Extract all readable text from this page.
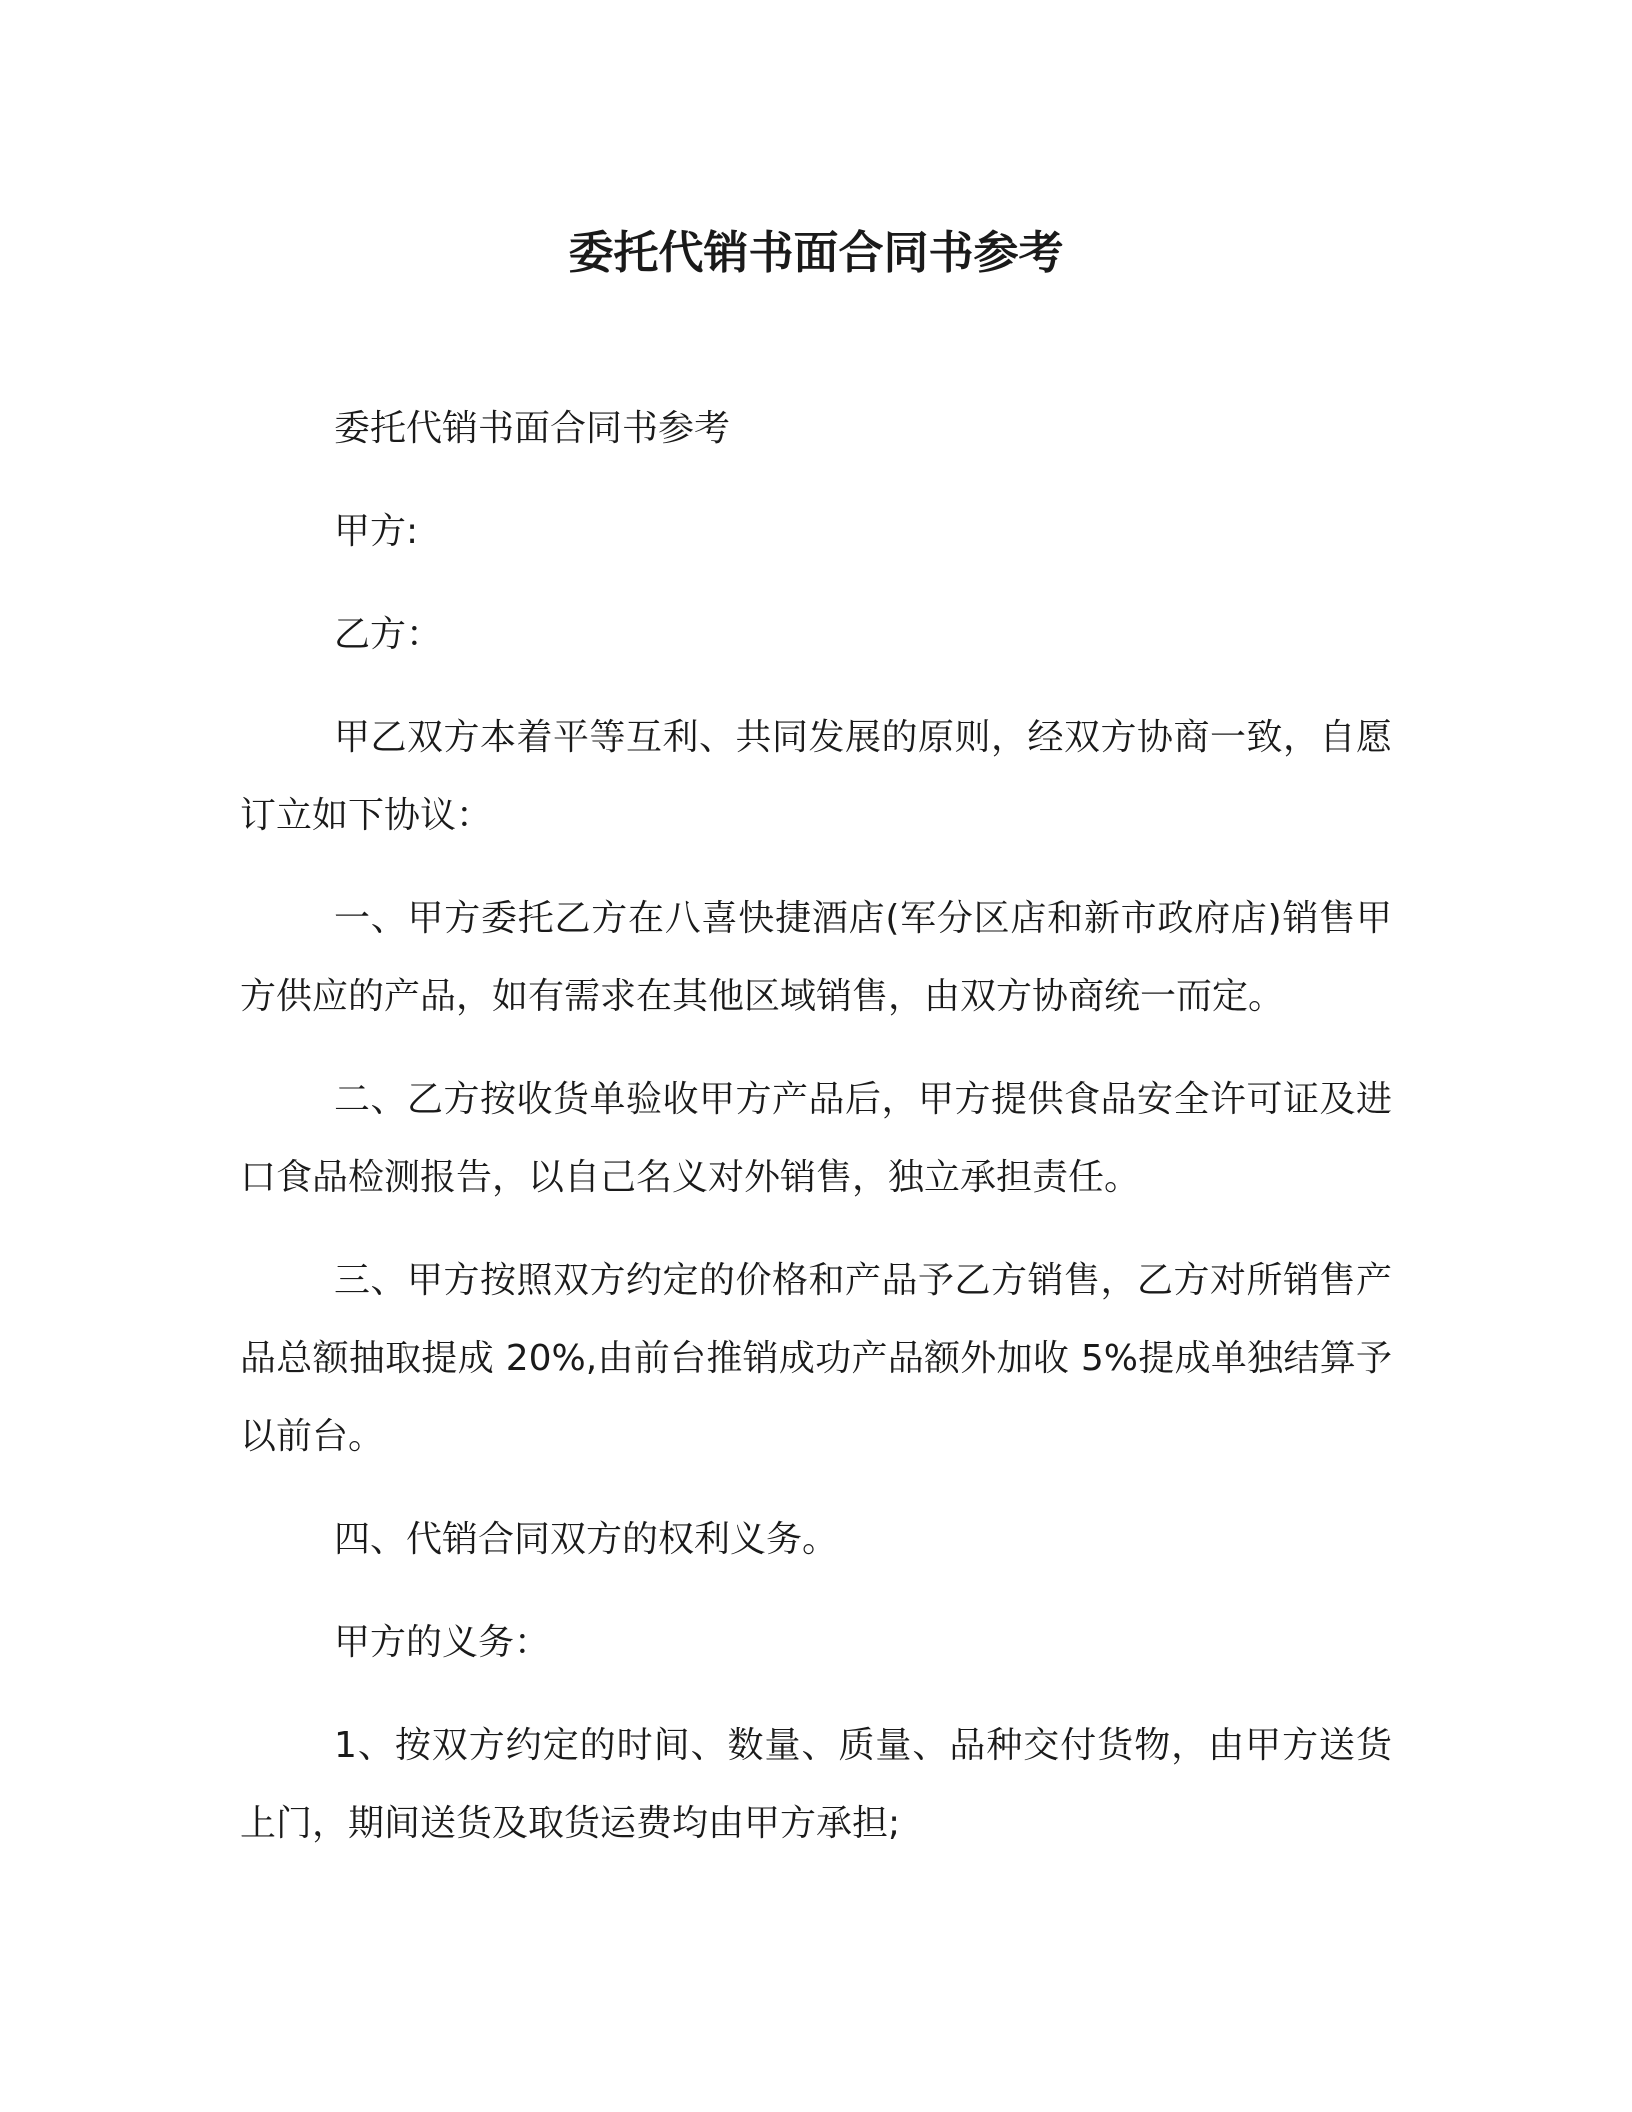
委托代销书面合同书参考

委托代销书面合同书参考

甲方:

乙方：

甲乙双方本着平等互利、共同发展的原则，经双方协商一致，自愿订立如下协议：

一、甲方委托乙方在八喜快捷酒店(军分区店和新市政府店)销售甲方供应的产品，如有需求在其他区域销售，由双方协商统一而定。

二、乙方按收货单验收甲方产品后，甲方提供食品安全许可证及进口食品检测报告，以自己名义对外销售，独立承担责任。

三、甲方按照双方约定的价格和产品予乙方销售，乙方对所销售产品总额抽取提成 20%,由前台推销成功产品额外加收 5%提成单独结算予以前台。

四、代销合同双方的权利义务。

甲方的义务：

1、按双方约定的时间、数量、质量、品种交付货物，由甲方送货上门，期间送货及取货运费均由甲方承担;
